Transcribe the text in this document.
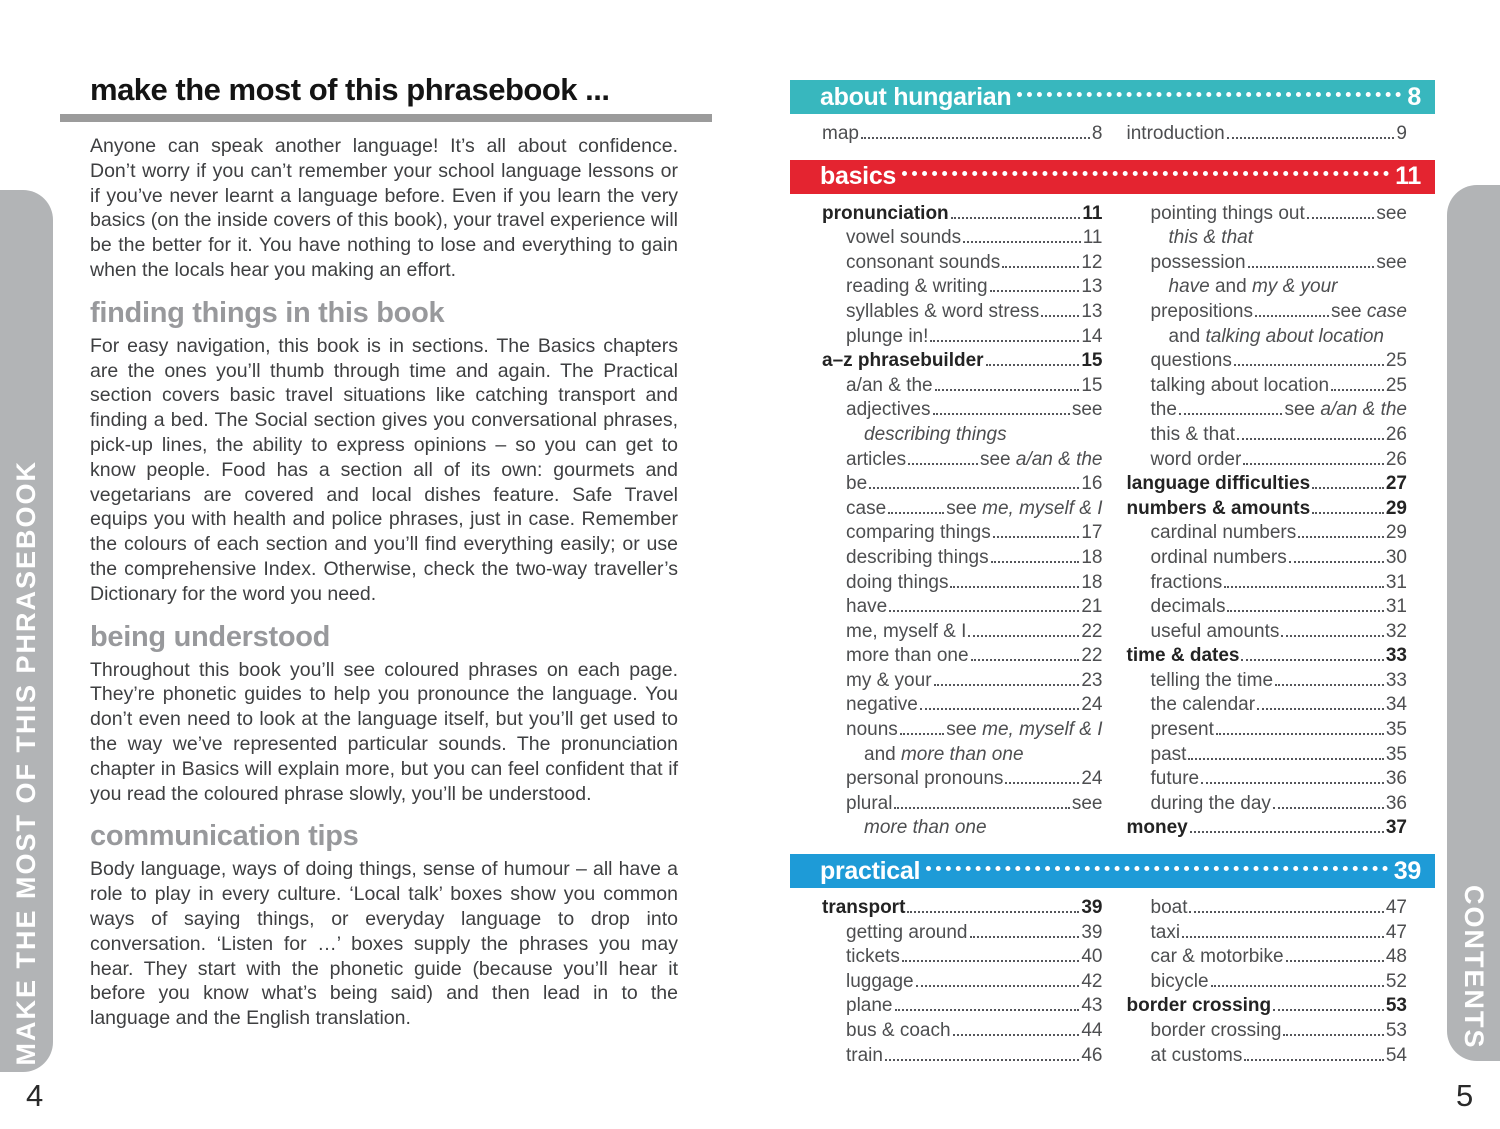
MAKE THE MOST OF THIS PHRASEBOOK	CONTENTS
make the most of this phrasebook ...

Anyone can speak another language! It’s all about confidence. Don’t worry if you can’t remember your school language lessons or if you’ve never learnt a language before. Even if you learn the very basics (on the inside covers of this book), your travel experience will be the better for it. You have nothing to lose and everything to gain when the locals hear you making an effort.

finding things in this book

For easy navigation, this book is in sections. The Basics chapters are the ones you’ll thumb through time and again. The Practical section covers basic travel situations like catching transport and finding a bed. The Social section gives you conversational phrases, pick-up lines, the ability to express opinions – so you can get to know people. Food has a section all of its own: gourmets and vegetarians are covered and local dishes feature. Safe Travel equips you with health and police phrases, just in case. Remember the colours of each section and you’ll find everything easily; or use the comprehensive Index. Otherwise, check the two-way traveller’s Dictionary for the word you need.

being understood

Throughout this book you’ll see coloured phrases on each page. They’re phonetic guides to help you pronounce the language. You don’t even need to look at the language itself, but you’ll get used to the way we’ve represented particular sounds. The pronunciation chapter in Basics will explain more, but you can feel confident that if you read the coloured phrase slowly, you’ll be understood.

communication tips

Body language, ways of doing things, sense of humour – all have a role to play in every culture. ‘Local talk’ boxes show you common ways of saying things, or everyday language to drop into conversation. ‘Listen for …’ boxes supply the phrases you may hear. They start with the phonetic guide (because you’ll hear it before you know what’s being said) and then lead in to the language and the English translation.

about hungarian	8
map	8 introduction	9
basics	11
pronunciation	11
vowel sounds	11
consonant sounds	12
reading & writing	13
syllables & word stress 13
plunge in!	14
a–z phrasebuilder	15
a/an & the	15
adjectives	see
describing things
articles	see a/an & the
be	16
case	see me, myself & I
comparing things	17
describing things	18
doing things	18
have	21
me, myself & I	22
more than one	22
my & your	23
negative	24
nouns	see me, myself & I
and more than one
personal pronouns	24
plural	see
more than one
pointing things out	see
this & that
possession	see
have and my & your
prepositions	see case
and talking about location
questions	25
talking about location	25
the	see a/an & the
this & that	26
word order	26
language difficulties	27
numbers & amounts	29
cardinal numbers	29
ordinal numbers	30
fractions	31
decimals	31
useful amounts	32
time & dates	33
telling the time	33
the calendar	34
present	35
past	35
future	36
during the day	36
money	37
practical	39
transport	39
getting around	39
tickets	40
luggage	42
plane	43
bus & coach	44
train	46
boat	47
taxi	47
car & motorbike	48
bicycle	52
border crossing	53
border crossing	53
at customs	54
4	5
